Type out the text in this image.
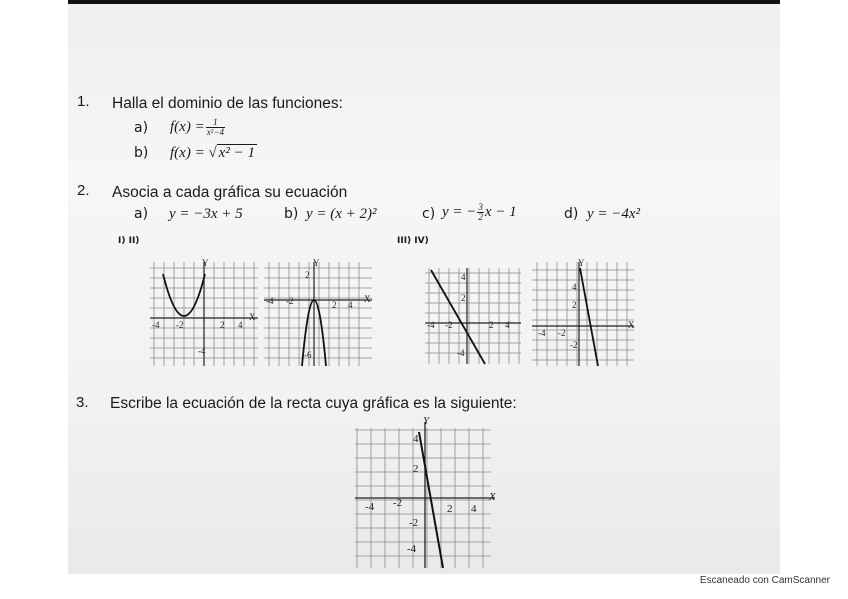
1. Halla el dominio de las funciones:
a) $f(x) = \frac{1}{\text{x²−4}}$
b) f(x) = √ x² − 1
2. Asocia a cada gráfica su ecuación
a) y = −3x + 5	b) y = (x + 2)²	c) y = − $\frac{3}{2}$ x − 1	d) y = −4x²
I) II)	III) IV)
-4 -2	2 4
-4
X
Y
2
-4 -2	2 4
-6
X
Y
4
2
-4 -2	2 4
-4
4
2
-4 -2
-2
X
Y
3. Escribe la ecuación de la recta cuya gráfica es la siguiente:
Y
4
2
-4 -2	2 4
-2
-4
X
Escaneado con CamScanner
